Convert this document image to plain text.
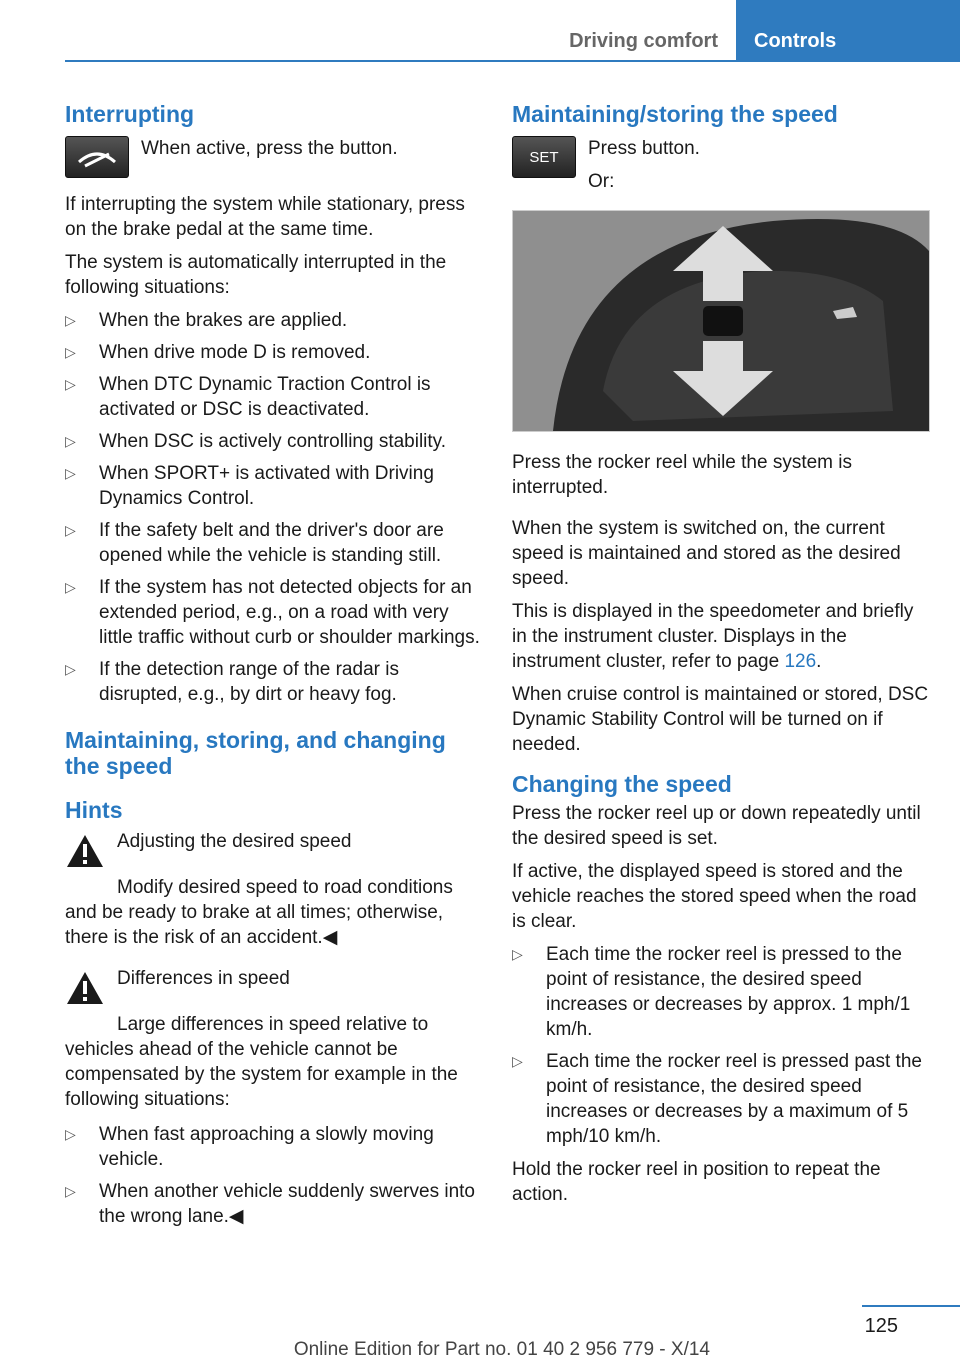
Driving comfort	Controls
Interrupting
When active, press the button.

If interrupting the system while stationary, press on the brake pedal at the same time.

The system is automatically interrupted in the following situations:

▷ When the brakes are applied.
▷ When drive mode D is removed.
▷ When DTC Dynamic Traction Control is activated or DSC is deactivated.
▷ When DSC is actively controlling stability.
▷ When SPORT+ is activated with Driving Dynamics Control.
▷ If the safety belt and the driver's door are opened while the vehicle is standing still.
▷ If the system has not detected objects for an extended period, e.g., on a road with very little traffic without curb or shoulder markings.
▷ If the detection range of the radar is disrupted, e.g., by dirt or heavy fog.
Maintaining, storing, and changing the speed
Hints
Adjusting the desired speed

Modify desired speed to road conditions and be ready to brake at all times; otherwise, there is the risk of an accident.◀

Differences in speed

Large differences in speed relative to vehicles ahead of the vehicle cannot be compensated by the system for example in the following situations:

▷ When fast approaching a slowly moving vehicle.
▷ When another vehicle suddenly swerves into the wrong lane.◀
Maintaining/storing the speed
SET	Press button.
Or:

Press the rocker reel while the system is interrupted.

When the system is switched on, the current speed is maintained and stored as the desired speed.

This is displayed in the speedometer and briefly in the instrument cluster. Displays in the instrument cluster, refer to page 126.

When cruise control is maintained or stored, DSC Dynamic Stability Control will be turned on if needed.

Changing the speed

Press the rocker reel up or down repeatedly until the desired speed is set.

If active, the displayed speed is stored and the vehicle reaches the stored speed when the road is clear.

▷ Each time the rocker reel is pressed to the point of resistance, the desired speed increases or decreases by approx. 1 mph/1 km/h.
▷ Each time the rocker reel is pressed past the point of resistance, the desired speed increases or decreases by a maximum of 5 mph/10 km/h.

Hold the rocker reel in position to repeat the action.

125
Online Edition for Part no. 01 40 2 956 779 - X/14
